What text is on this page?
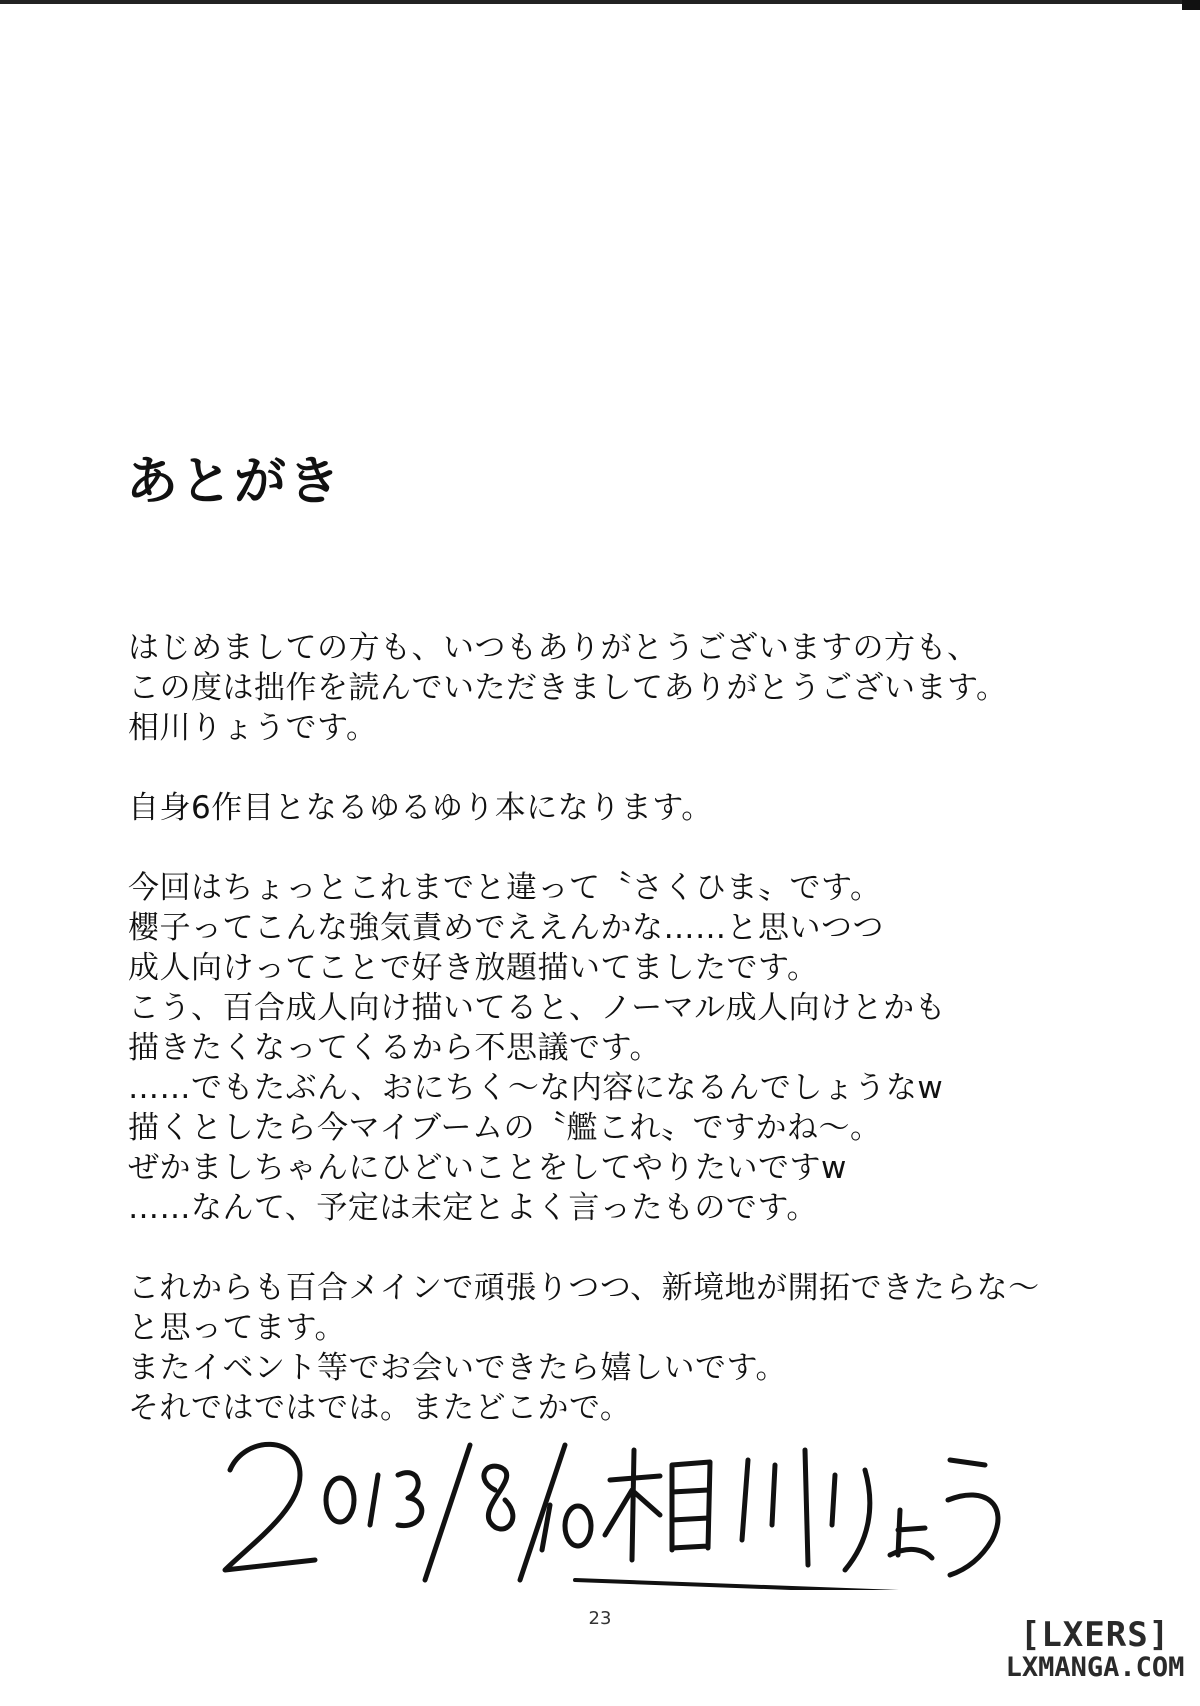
あとがき
はじめましての方も、いつもありがとうございますの方も、
この度は拙作を読んでいただきましてありがとうございます。
相川りょうです。
自身6作目となるゆるゆり本になります。
今回はちょっとこれまでと違って〝さくひま〟です。
櫻子ってこんな強気責めでええんかな……と思いつつ
成人向けってことで好き放題描いてましたです。
こう、百合成人向け描いてると、ノーマル成人向けとかも
描きたくなってくるから不思議です。
……でもたぶん、おにちく〜な内容になるんでしょうなw
描くとしたら今マイブームの〝艦これ〟ですかね〜。
ぜかましちゃんにひどいことをしてやりたいですw
……なんて、予定は未定とよく言ったものです。
これからも百合メインで頑張りつつ、新境地が開拓できたらな〜
と思ってます。
またイベント等でお会いできたら嬉しいです。
それではではでは。またどこかで。
23	[LXERS]
LXMANGA.COM
